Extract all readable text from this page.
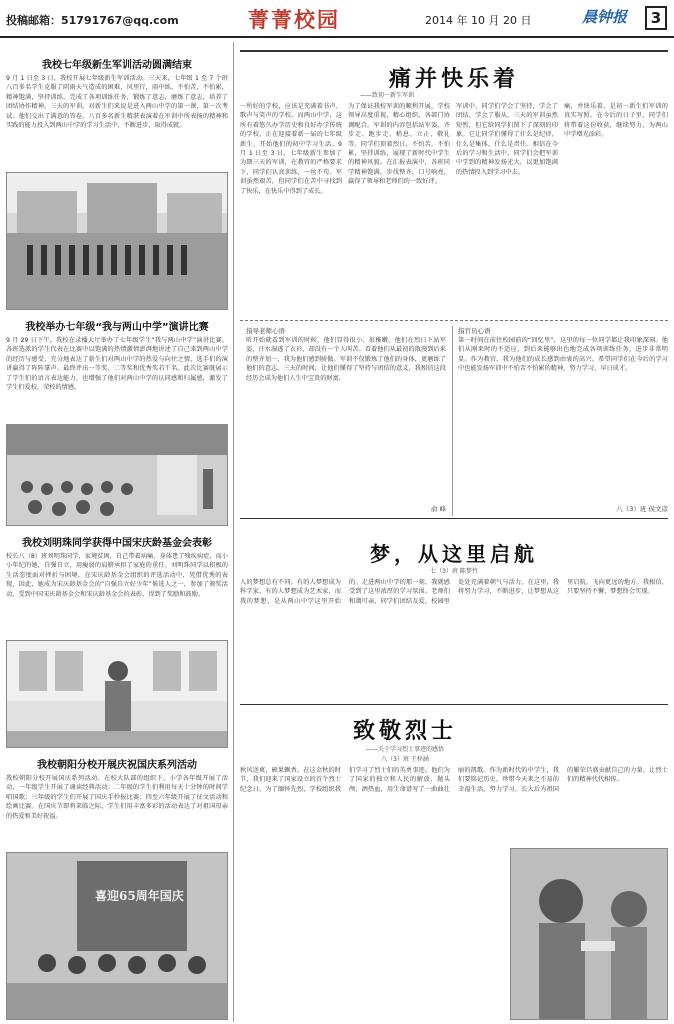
投稿邮箱：51791767@qq.com	菁菁校园	2014 年 10 月 20 日	晨钟报	3
我校七年级新生军训活动圆满结束
9 月 1 日至 3 日，我校开展七年级新生军训活动。三天来，七年级 1 至 7 个班八百多名学生克服了阴雨天气造成的困难，风里行，雨中练，不怕苦，不怕累，精神饱满，坚持训练，完成了各项训练任务，锻炼了意志，磨炼了意志，培养了团结协作精神。三天的军训，对新生们来说是进入两山中学的第一课，第一次考试。他们交出了满意的答卷。八百多名新生精湛表演着在军训中所表扬的精神和实践的能力投入到两山中学的学习生活中，不断进步，取得成就。
我校举办七年级“我与两山中学”演讲比赛
9 月 29 日下午，我校在录播大厅举办了七年级学生“我与两山中学”演讲比赛。各班选派的学生代表在比赛中以饱满的热情激情澎湃地讲述了自己来到两山中学的经历与感受，充分地表达了新生们对两山中学的热爱与向往之情，选手们的演讲赢得了阵阵掌声。最终评出一等奖、二等奖和优秀奖若干名。此次比赛既展示了学生们的语言表达能力，也增强了他们对两山中学的认同感和归属感，激发了学生们爱校、荣校的情感。
我校刘明珠同学获得中国宋庆龄基金会表彰
校长八（8）班刘明珠同学，家境贫困，自己带着病痛，身体患了残疾病症，而小小年纪的她，自强自立，用瘦弱的肩膀承担了家庭的重任。刘明珠同学以积极的生活态度面对挫折与困境，在宋庆龄基金会组织的评选活动中，凭借优秀的表现，因此，她成为宋庆龄基金会的“自强自立好少年”候选人之一，参加了颁奖活动，受到中国宋庆龄基金会和宋庆龄基金会的表彰，得到了奖励和鼓励。
我校朝阳分校开展庆祝国庆系列活动
我校朝阳分校开展国庆系列活动。在校大队部的组织下，小学各年级开展了活动，一年级学生开展了诵读经典活动；二年级的学生们利用每天十分钟的时间学唱国歌；三年级的学生们开展了国庆手抄报比赛；四至六年级开展了征文活动和绘画比赛。在国庆节即将来临之际，学生们用丰富多彩的活动表达了对祖国母亲的热爱和美好祝福。
喜迎65周年国庆
痛并快乐着
——致初一新生军训
一所好的学校，应该是充满着书声、歌声与笑声的学校。而两山中学，这所有着悠久办学历史和良好办学传统的学校，正在迎接着新一届的七年级新生，开始他们的初中学习生活。9 月 1 日至 3 日，七年级新生参加了为期三天的军训，在教官的严格要求下，同学们认真训练，一丝不苟。军训虽然艰苦，但同学们在苦中寻找到了快乐，在快乐中得到了成长。
为了保证我校军训的顺利开展，学校领导高度重视，精心组织，各部门协调配合。军训的内容包括站军姿、齐步走、跑步走、稍息、立正、敬礼等。同学们顶着烈日，不怕苦，不怕累，坚持训练，展现了新时代中学生的精神风貌。在汇报表演中，各班同学精神饱满，步伐整齐，口号响亮，赢得了领导和老师们的一致好评。
军训中，同学们学会了坚持，学会了团结，学会了服从。三天的军训虽然短暂，但它给同学们留下了深刻的印象。它让同学们懂得了什么是纪律，什么是集体，什么是责任。相信在今后的学习和生活中，同学们会把军训中学到的精神发扬光大，以更加饱满的热情投入到学习中去。
痛，并快乐着。是初一新生们军训的真实写照。在今后的日子里，同学们将带着这份收获，继续努力，为两山中学增光添彩。
指导老师心语
听开始就看到军训的时候，他们显得很小、很稚嫩。他们在烈日下站军姿，汗水湿透了衣衫，却没有一个人叫苦。看着他们从最初的散漫到后来的整齐划一，我为他们感到骄傲。军训不仅锻炼了他们的身体，更磨练了他们的意志。三天的时间，让他们懂得了坚持与团结的意义，我相信这段经历会成为他们人生中宝贵的财富。
俞 峰
指官员心语
第一时间在前往校园前的“回忆里”，这里的每一位同学都让我印象深刻。他们从刚来时的不适应，到后来能够出色地完成各项训练任务，进步非常明显。作为教官，我为他们的成长感到由衷的高兴。希望同学们在今后的学习中也能发扬军训中不怕苦不怕累的精神，努力学习，早日成才。
八（3）班 侯文彦
梦，从这里启航
七（3）班 陈梦竹
人的梦想总有不同。有的人梦想成为科学家，有的人梦想成为艺术家，而我的梦想，是从两山中学这里开始的。走进两山中学的那一刻，我就感受到了这里浓厚的学习氛围。老师们和蔼可亲，同学们团结友爱，校园里处处充满着朝气与活力。在这里，我将努力学习，不断进步，让梦想从这里启航，飞向更远的地方。我相信，只要坚持不懈，梦想终会实现。
致敬烈士
——关于学习烈士事迹的感悟
八（3）班 王梓涵
秋风送爽，硕果飘香。在这金秋的时节，我们迎来了国家设立的首个烈士纪念日。为了缅怀先烈，学校组织我们学习了烈士们的英勇事迹。他们为了国家的独立和人民的解放，抛头颅，洒热血，用生命谱写了一曲曲壮丽的凯歌。作为新时代的中学生，我们要铭记历史，珍惜今天来之不易的幸福生活，努力学习，长大后为祖国的繁荣昌盛贡献自己的力量，让烈士们的精神代代相传。
